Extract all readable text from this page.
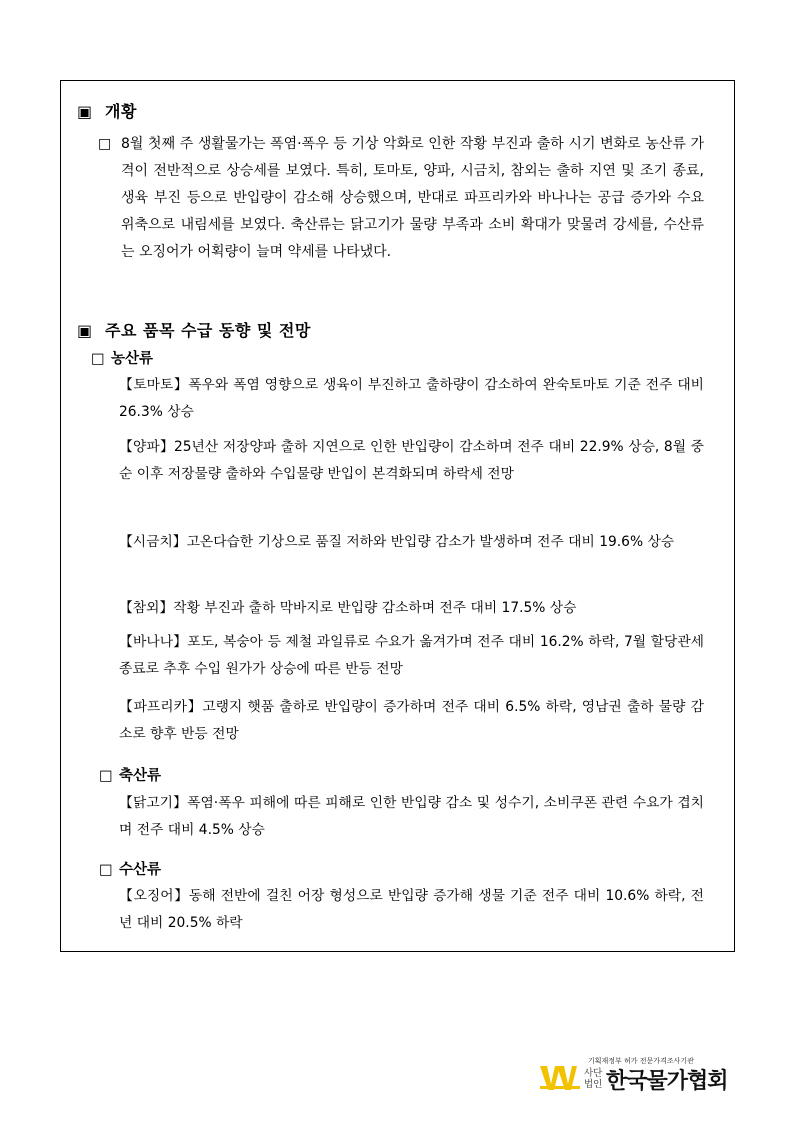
▣ 개황
□ 8월 첫째 주 생활물가는 폭염·폭우 등 기상 악화로 인한 작황 부진과 출하 시기 변화로 농산류 가격이 전반적으로 상승세를 보였다. 특히, 토마토, 양파, 시금치, 참외는 출하 지연 및 조기 종료, 생육 부진 등으로 반입량이 감소해 상승했으며, 반대로 파프리카와 바나나는 공급 증가와 수요 위축으로 내림세를 보였다. 축산류는 닭고기가 물량 부족과 소비 확대가 맞물려 강세를, 수산류는 오징어가 어획량이 늘며 약세를 나타냈다.
▣ 주요 품목 수급 동향 및 전망
□ 농산류
【토마토】폭우와 폭염 영향으로 생육이 부진하고 출하량이 감소하여 완숙토마토 기준 전주 대비 26.3% 상승
【양파】25년산 저장양파 출하 지연으로 인한 반입량이 감소하며 전주 대비 22.9% 상승, 8월 중순 이후 저장물량 출하와 수입물량 반입이 본격화되며 하락세 전망
【시금치】고온다습한 기상으로 품질 저하와 반입량 감소가 발생하며 전주 대비 19.6% 상승
【참외】작황 부진과 출하 막바지로 반입량 감소하며 전주 대비 17.5% 상승
【바나나】포도, 복숭아 등 제철 과일류로 수요가 옮겨가며 전주 대비 16.2% 하락, 7월 할당관세 종료로 추후 수입 원가가 상승에 따른 반등 전망
【파프리카】고랭지 햇품 출하로 반입량이 증가하며 전주 대비 6.5% 하락, 영남권 출하 물량 감소로 향후 반등 전망
□ 축산류
【닭고기】폭염·폭우 피해에 따른 피해로 인한 반입량 감소 및 성수기, 소비쿠폰 관련 수요가 겹치며 전주 대비 4.5% 상승
□ 수산류
【오징어】동해 전반에 걸친 어장 형성으로 반입량 증가해 생물 기준 전주 대비 10.6% 하락, 전년 대비 20.5% 하락
기획재정부 허가 전문가격조사기관
사단법인 한국물가협회
